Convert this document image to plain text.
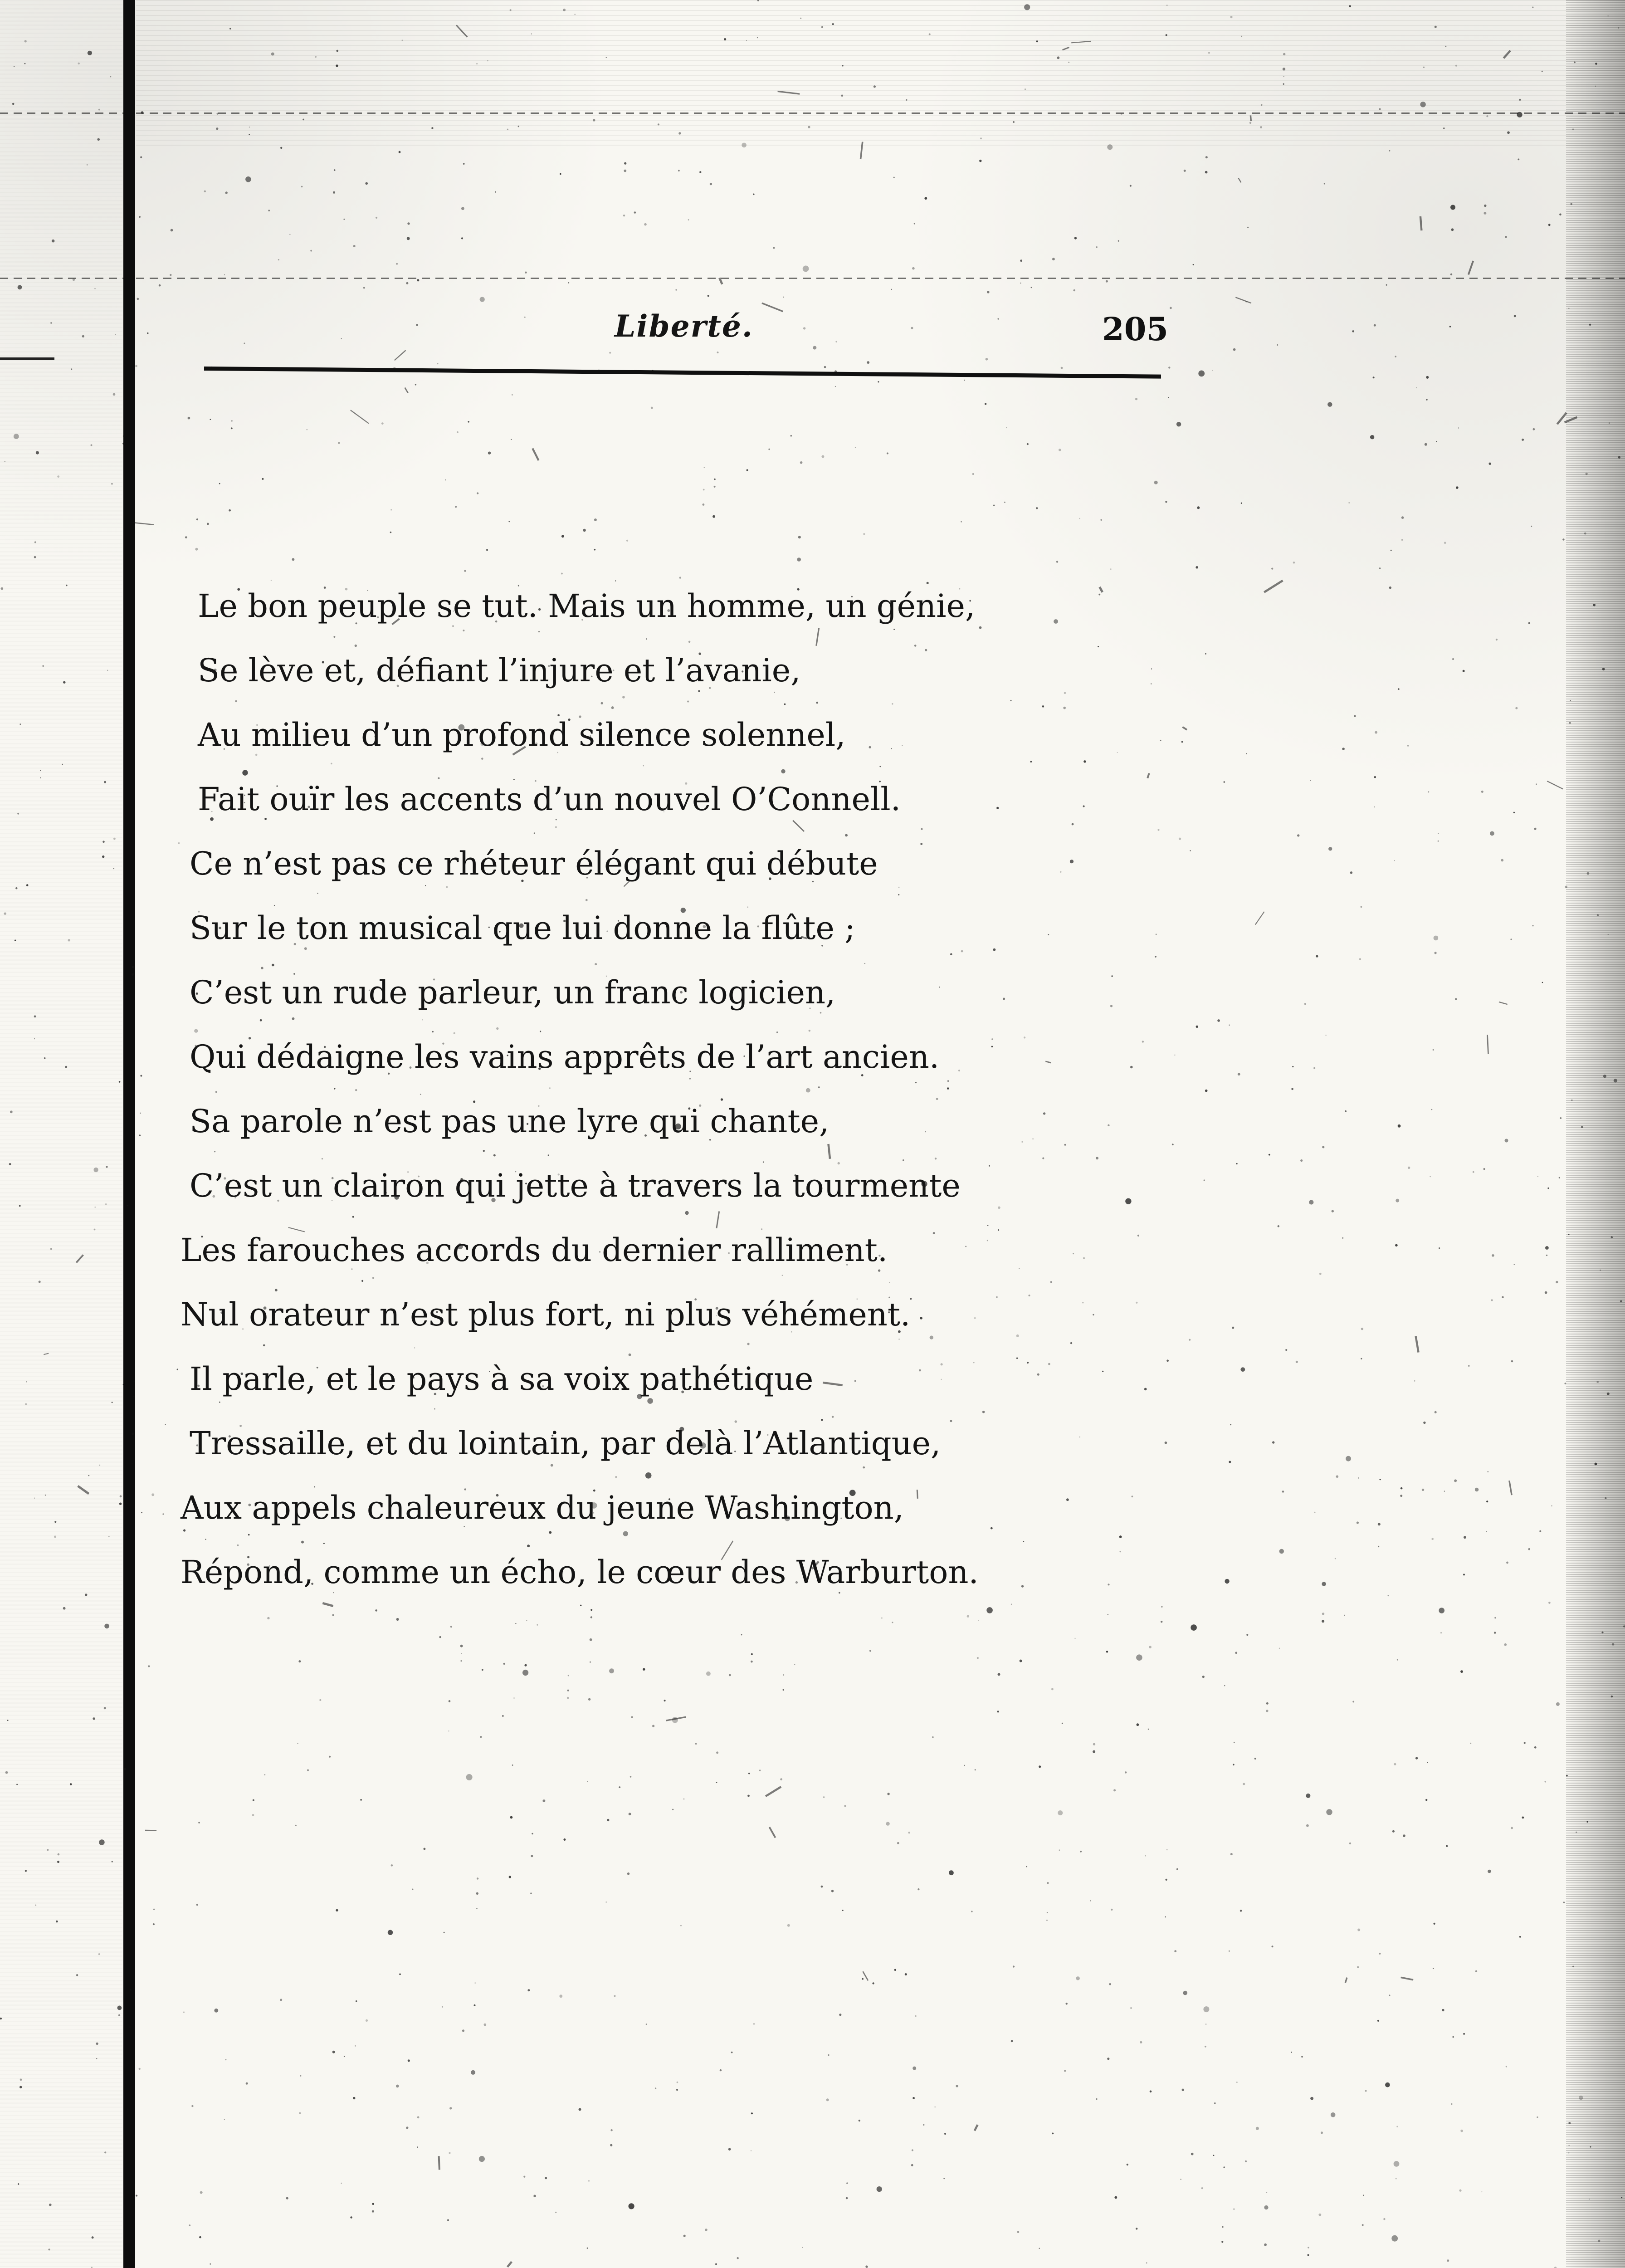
Liberté.	205
Le bon peuple se tut. Mais un homme, un génie,
Se lève et, défiant l’injure et l’avanie,
Au milieu d’un profond silence solennel,
Fait ouïr les accents d’un nouvel O’Connell.
Ce n’est pas ce rhéteur élégant qui débute
Sur le ton musical que lui donne la flûte ;
C’est un rude parleur, un franc logicien,
Qui dédaigne les vains apprêts de l’art ancien.
Sa parole n’est pas une lyre qui chante,
C’est un clairon qui jette à travers la tourmente
Les farouches accords du dernier ralliment.
Nul orateur n’est plus fort, ni plus véhément.
Il parle, et le pays à sa voix pathétique
Tressaille, et du lointain, par delà l’Atlantique,
Aux appels chaleureux du jeune Washington,
Répond, comme un écho, le cœur des Warburton.
